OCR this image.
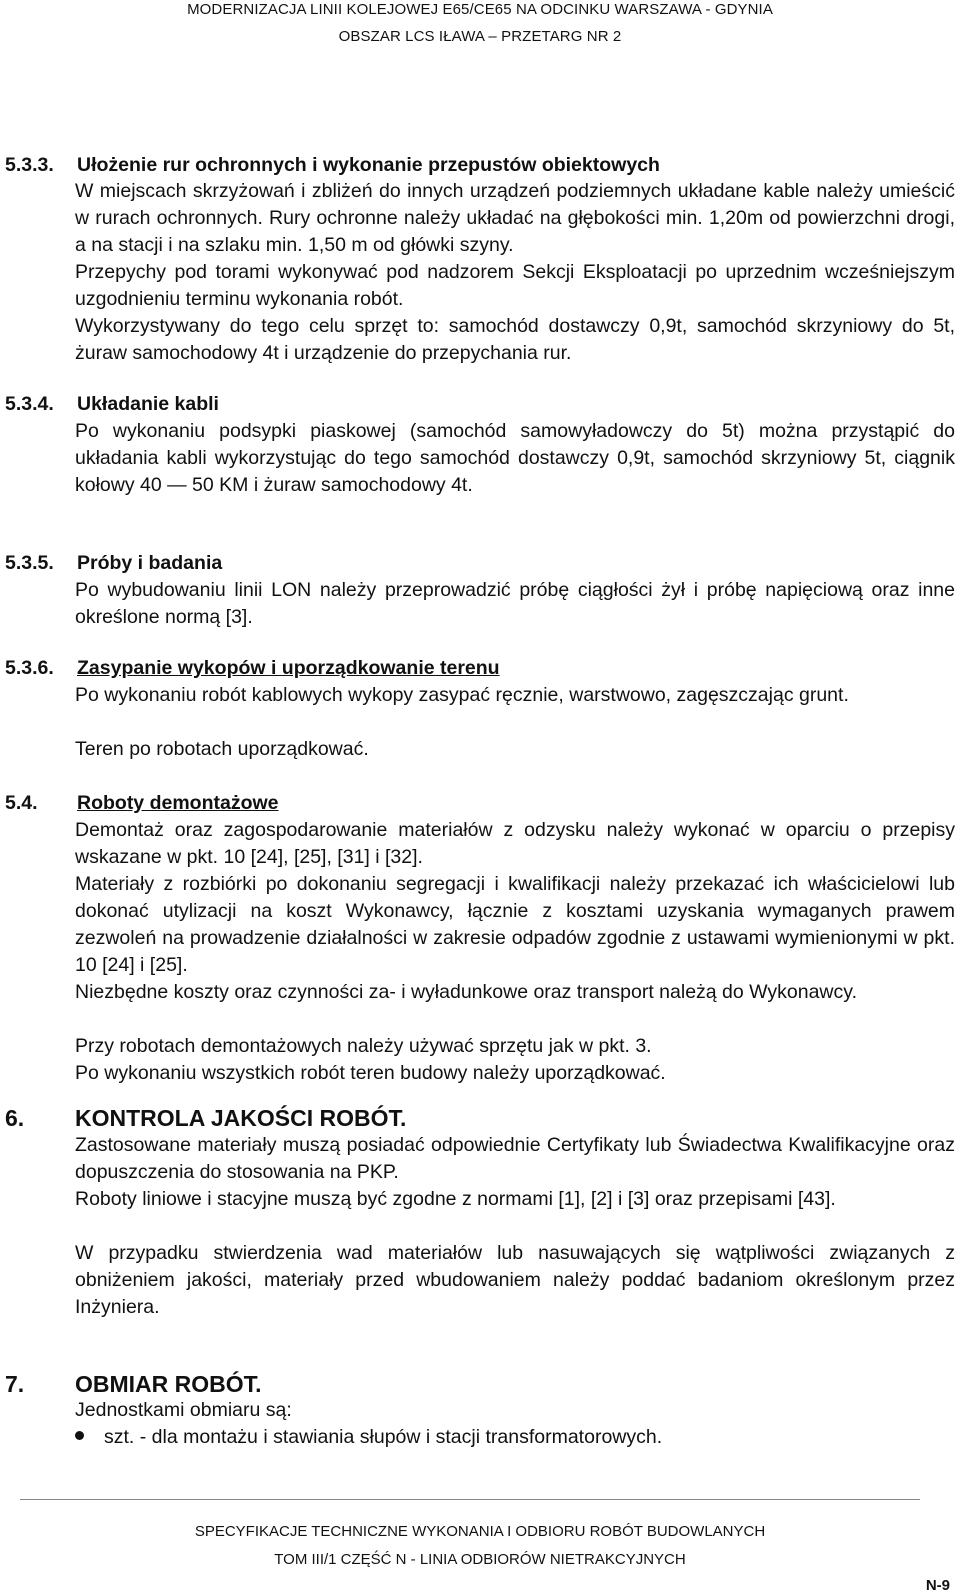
MODERNIZACJA LINII KOLEJOWEJ E65/CE65 NA ODCINKU WARSZAWA - GDYNIA
OBSZAR LCS IŁAWA – PRZETARG NR 2
5.3.3. Ułożenie rur ochronnych i wykonanie przepustów obiektowych

W miejscach skrzyżowań i zbliżeń do innych urządzeń podziemnych układane kable należy umieścić w rurach ochronnych. Rury ochronne należy układać na głębokości min. 1,20m od powierzchni drogi, a na stacji i na szlaku min. 1,50 m od główki szyny.

Przepychy pod torami wykonywać pod nadzorem Sekcji Eksploatacji po uprzednim wcześniejszym uzgodnieniu terminu wykonania robót.

Wykorzystywany do tego celu sprzęt to: samochód dostawczy 0,9t, samochód skrzyniowy do 5t, żuraw samochodowy 4t i urządzenie do przepychania rur.

5.3.4. Układanie kabli

Po wykonaniu podsypki piaskowej (samochód samowyładowczy do 5t) można przystąpić do układania kabli wykorzystując do tego samochód dostawczy 0,9t, samochód skrzyniowy 5t, ciągnik kołowy 40 — 50 KM i żuraw samochodowy 4t.

5.3.5. Próby i badania

Po wybudowaniu linii LON należy przeprowadzić próbę ciągłości żył i próbę napięciową oraz inne określone normą [3].

5.3.6. Zasypanie wykopów i uporządkowanie terenu

Po wykonaniu robót kablowych wykopy zasypać ręcznie, warstwowo, zagęszczając grunt.

Teren po robotach uporządkować.

5.4. Roboty demontażowe

Demontaż oraz zagospodarowanie materiałów z odzysku należy wykonać w oparciu o przepisy wskazane w pkt. 10 [24], [25], [31] i [32].

Materiały z rozbiórki po dokonaniu segregacji i kwalifikacji należy przekazać ich właścicielowi lub dokonać utylizacji na koszt Wykonawcy, łącznie z kosztami uzyskania wymaganych prawem zezwoleń na prowadzenie działalności w zakresie odpadów zgodnie z ustawami wymienionymi w pkt. 10 [24] i [25].

Niezbędne koszty oraz czynności za- i wyładunkowe oraz transport należą do Wykonawcy.

Przy robotach demontażowych należy używać sprzętu jak w pkt. 3.

Po wykonaniu wszystkich robót teren budowy należy uporządkować.

6. KONTROLA JAKOŚCI ROBÓT.

Zastosowane materiały muszą posiadać odpowiednie Certyfikaty lub Świadectwa Kwalifikacyjne oraz dopuszczenia do stosowania na PKP.

Roboty liniowe i stacyjne muszą być zgodne z normami [1], [2] i [3] oraz przepisami [43].

W przypadku stwierdzenia wad materiałów lub nasuwających się wątpliwości związanych z obniżeniem jakości, materiały przed wbudowaniem należy poddać badaniom określonym przez Inżyniera.

7. OBMIAR ROBÓT.

Jednostkami obmiaru są:

szt. - dla montażu i stawiania słupów i stacji transformatorowych.
SPECYFIKACJE TECHNICZNE WYKONANIA I ODBIORU ROBÓT BUDOWLANYCH
TOM III/1 CZĘŚĆ N - LINIA ODBIORÓW NIETRAKCYJNYCH
N-9
